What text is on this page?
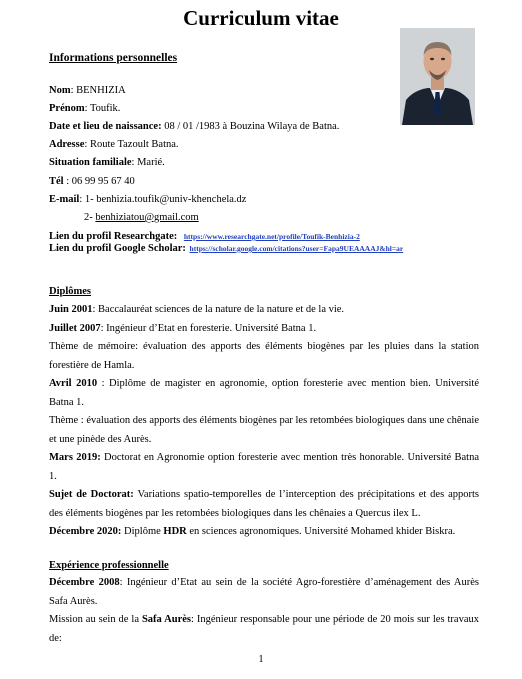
Curriculum vitae
Informations personnelles
Nom: BENHIZIA
Prénom: Toufik.
Date et lieu de naissance: 08 / 01 /1983 à Bouzina Wilaya de Batna.
Adresse: Route Tazoult Batna.
Situation familiale: Marié.
Tél : 06 99 95 67 40
E-mail: 1- benhizia.toufik@univ-khenchela.dz
2- benhiziatou@gmail.com
Lien du profil Researchgate: https://www.researchgate.net/profile/Toufik-Benhizia-2
Lien du profil Google Scholar: https://scholar.google.com/citations?user=Fapa9UEAAAAJ&hl=ar
Diplômes
Juin 2001: Baccalauréat sciences de la nature de la nature et de la vie.
Juillet 2007: Ingénieur d’Etat en foresterie. Université Batna 1.
Thème de mémoire: évaluation des apports des éléments biogènes par les pluies dans la station forestière de Hamla.
Avril 2010 : Diplôme de magister en agronomie, option foresterie avec mention bien. Université Batna 1.
Thème : évaluation des apports des éléments biogènes par les retombées biologiques dans une chênaie et une pinède des Aurès.
Mars 2019: Doctorat en Agronomie option foresterie avec mention très honorable. Université Batna 1.
Sujet de Doctorat: Variations spatio-temporelles de l’interception des précipitations et des apports des éléments biogènes par les retombées biologiques dans les chênaies a Quercus ilex L.
Décembre 2020: Diplôme HDR en sciences agronomiques. Université Mohamed khider Biskra.
Expérience professionnelle
Décembre 2008: Ingénieur d’Etat au sein de la société Agro-forestière d’aménagement des Aurès Safa Aurès.
Mission au sein de la Safa Aurès: Ingénieur responsable pour une période de 20 mois sur les travaux de:
1
